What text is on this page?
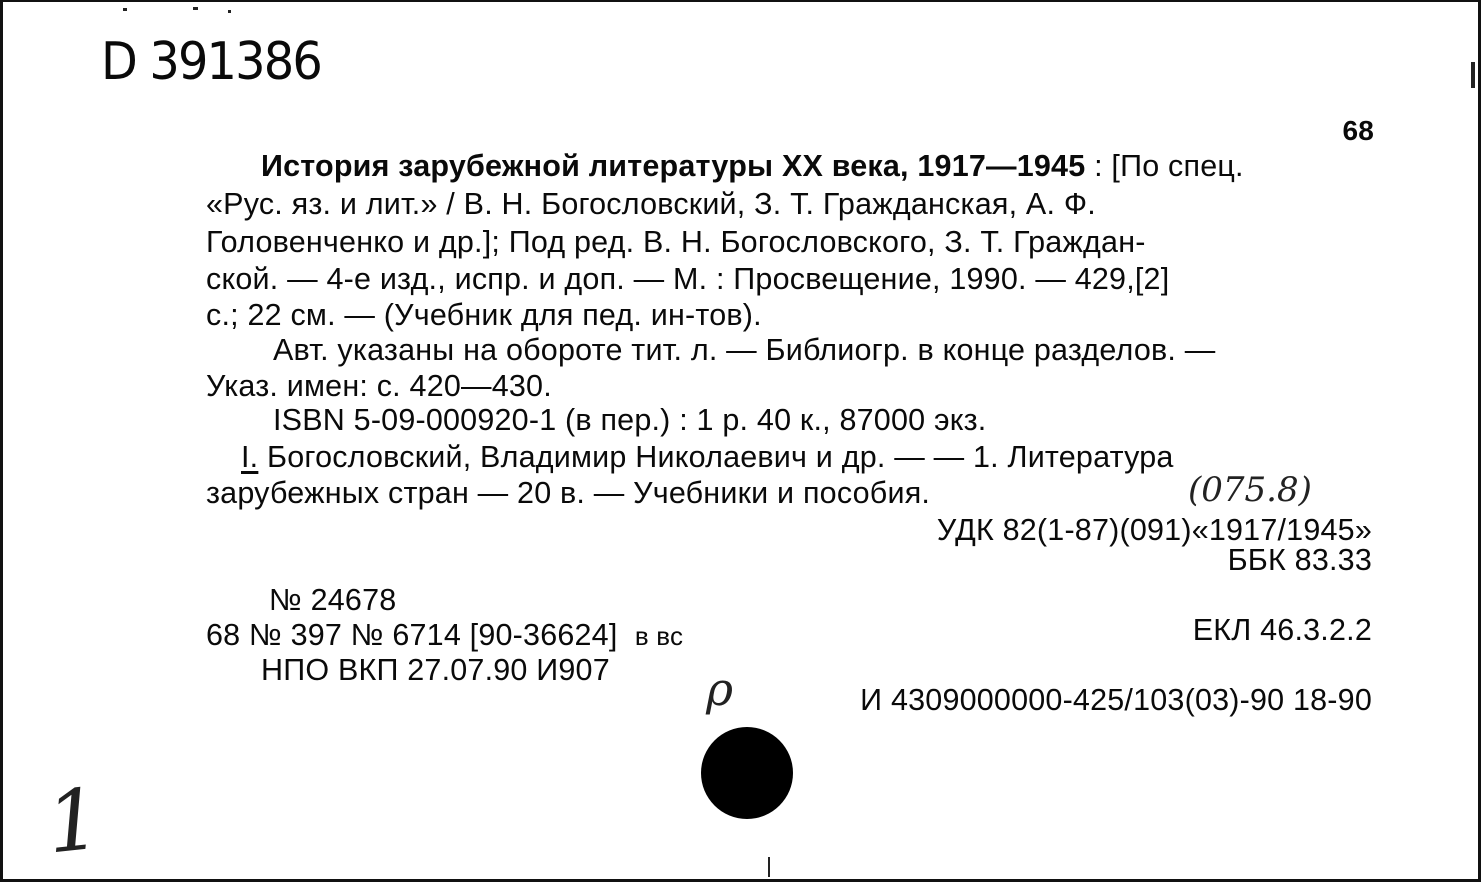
D 391386
68
История зарубежной литературы XX века, 1917—1945 : [По спец.
«Рус. яз. и лит.» / В. Н. Богословский, З. Т. Гражданская, А. Ф.
Головенченко и др.]; Под ред. В. Н. Богословского, З. Т. Граждан-
ской. — 4-е изд., испр. и доп. — М. : Просвещение, 1990. — 429,[2]
с.; 22 см. — (Учебник для пед. ин-тов).
Авт. указаны на обороте тит. л. — Библиогр. в конце разделов. —
Указ. имен: с. 420—430.
ISBN 5-09-000920-1 (в пер.) : 1 р. 40 к., 87000 экз.
I. Богословский, Владимир Николаевич и др. — — 1. Литература
зарубежных стран — 20 в. — Учебники и пособия.	(075.8)
УДК 82(1-87)(091)«1917/1945»
ББК 83.33
№ 24678
68 № 397 № 6714 [90-36624] в вс	ЕКЛ 46.3.2.2
НПО ВКП 27.07.90 И907 ρ	И 4309000000-425/103(03)-90 18-90
1
